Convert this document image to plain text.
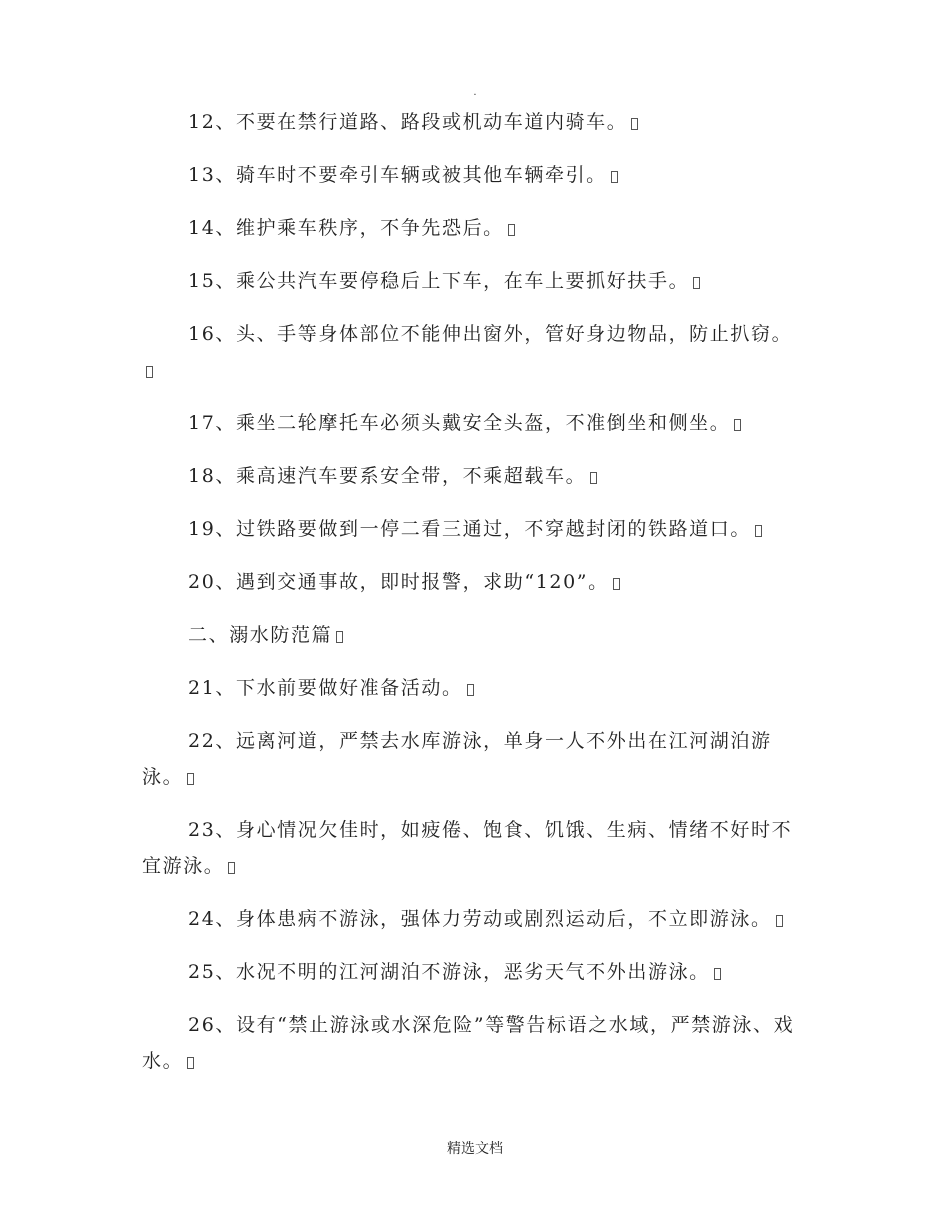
.

12、不要在禁行道路、路段或机动车道内骑车。

13、骑车时不要牵引车辆或被其他车辆牵引。

14、维护乘车秩序，不争先恐后。

15、乘公共汽车要停稳后上下车，在车上要抓好扶手。

16、头、手等身体部位不能伸出窗外，管好身边物品，防止扒窃。

17、乘坐二轮摩托车必须头戴安全头盔，不准倒坐和侧坐。

18、乘高速汽车要系安全带，不乘超载车。

19、过铁路要做到一停二看三通过，不穿越封闭的铁路道口。

20、遇到交通事故，即时报警，求助“120”。

二、溺水防范篇

21、下水前要做好准备活动。

22、远离河道，严禁去水库游泳，单身一人不外出在江河湖泊游泳。

23、身心情况欠佳时，如疲倦、饱食、饥饿、生病、情绪不好时不宜游泳。

24、身体患病不游泳，强体力劳动或剧烈运动后，不立即游泳。

25、水况不明的江河湖泊不游泳，恶劣天气不外出游泳。

26、设有“禁止游泳或水深危险”等警告标语之水域，严禁游泳、戏水。

精选文档
